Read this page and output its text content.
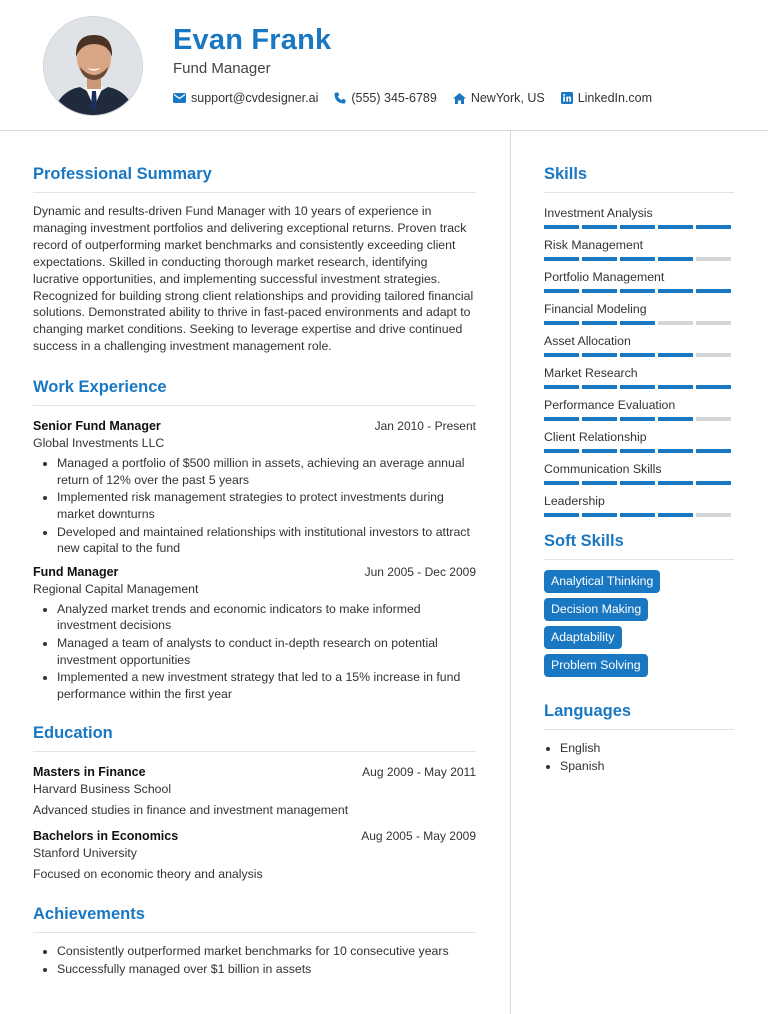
Evan Frank
Fund Manager
support@cvdesigner.ai	(555) 345-6789	NewYork, US	LinkedIn.com
Professional Summary

Dynamic and results-driven Fund Manager with 10 years of experience in managing investment portfolios and delivering exceptional returns. Proven track record of outperforming market benchmarks and consistently exceeding client expectations. Skilled in conducting thorough market research, identifying lucrative opportunities, and implementing successful investment strategies. Recognized for building strong client relationships and providing tailored financial solutions. Demonstrated ability to thrive in fast-paced environments and adapt to changing market conditions. Seeking to leverage expertise and drive continued success in a challenging investment management role.

Work Experience
Senior Fund Manager	Jan 2010 - Present
Global Investments LLC
• Managed a portfolio of $500 million in assets, achieving an average annual return of 12% over the past 5 years
• Implemented risk management strategies to protect investments during market downturns
• Developed and maintained relationships with institutional investors to attract new capital to the fund
Fund Manager	Jun 2005 - Dec 2009
Regional Capital Management
• Analyzed market trends and economic indicators to make informed investment decisions
• Managed a team of analysts to conduct in-depth research on potential investment opportunities
• Implemented a new investment strategy that led to a 15% increase in fund performance within the first year
Education
Masters in Finance	Aug 2009 - May 2011
Harvard Business School
Advanced studies in finance and investment management
Bachelors in Economics	Aug 2005 - May 2009
Stanford University
Focused on economic theory and analysis
Achievements
• Consistently outperformed market benchmarks for 10 consecutive years
• Successfully managed over $1 billion in assets
Skills
Investment Analysis
Risk Management
Portfolio Management
Financial Modeling
Asset Allocation
Market Research
Performance Evaluation
Client Relationship
Communication Skills
Leadership
Soft Skills
Analytical Thinking
Decision Making
Adaptability
Problem Solving
Languages
• English
• Spanish
